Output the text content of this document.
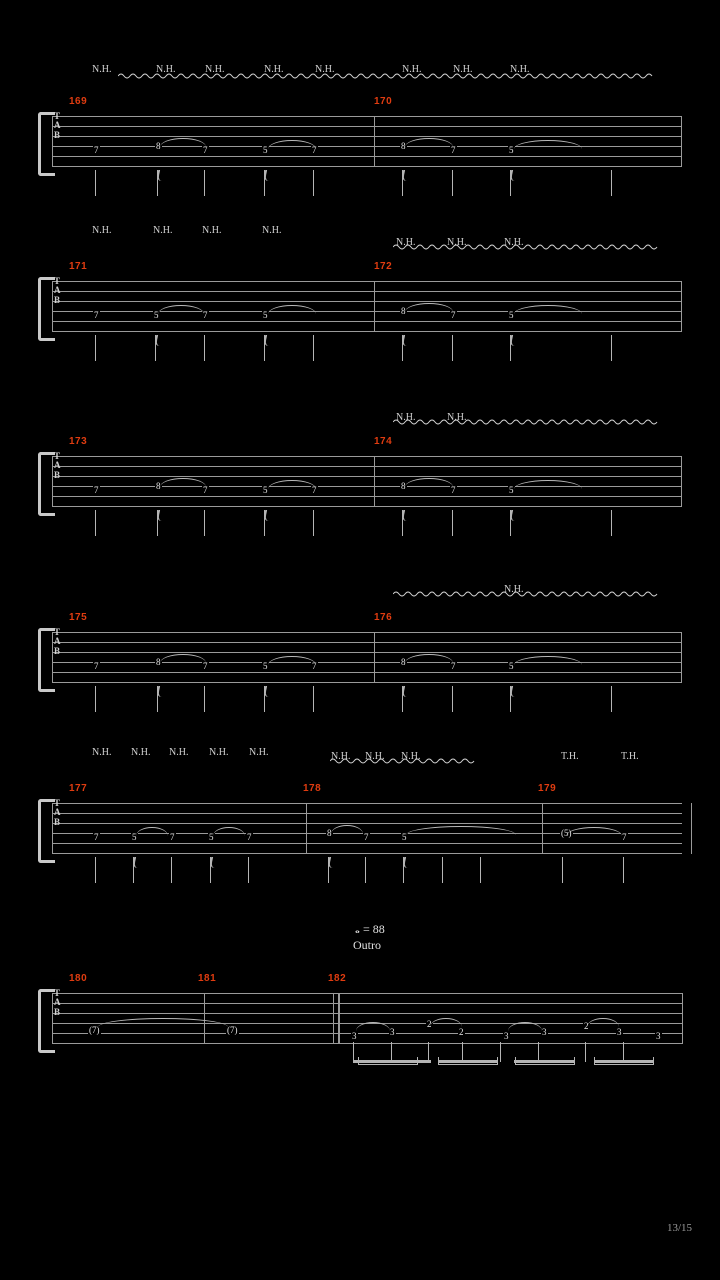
N.H.	N.H.	N.H.	N.H.	N.H.	N.H.	N.H.	N.H.
169	170
T
A
B
7	8	7	5	7	8	7	5
N.H.	N.H.	N.H.	N.H.
N.H.	N.H.	N.H.
171	172
T
A
B
7	5	7	5	8	7	5
N.H.	N.H.
173	174
T
A
B
7	8	7	5	7	8	7	5
N.H.
175	176
T
A
B
7	8	7	5	7	8	7	5
N.H. N.H. N.H. N.H. N.H.	N.H. N.H. N.H.	T.H.	T.H.
177	178	179
T
A
B
7	5	7	5	7	8	7	5	(5)	7
𝅝 = 88
Outro
180	181	182
T
A
B
(7)	(7)
3	3
2
2	3	3
2
3	3
13/15
